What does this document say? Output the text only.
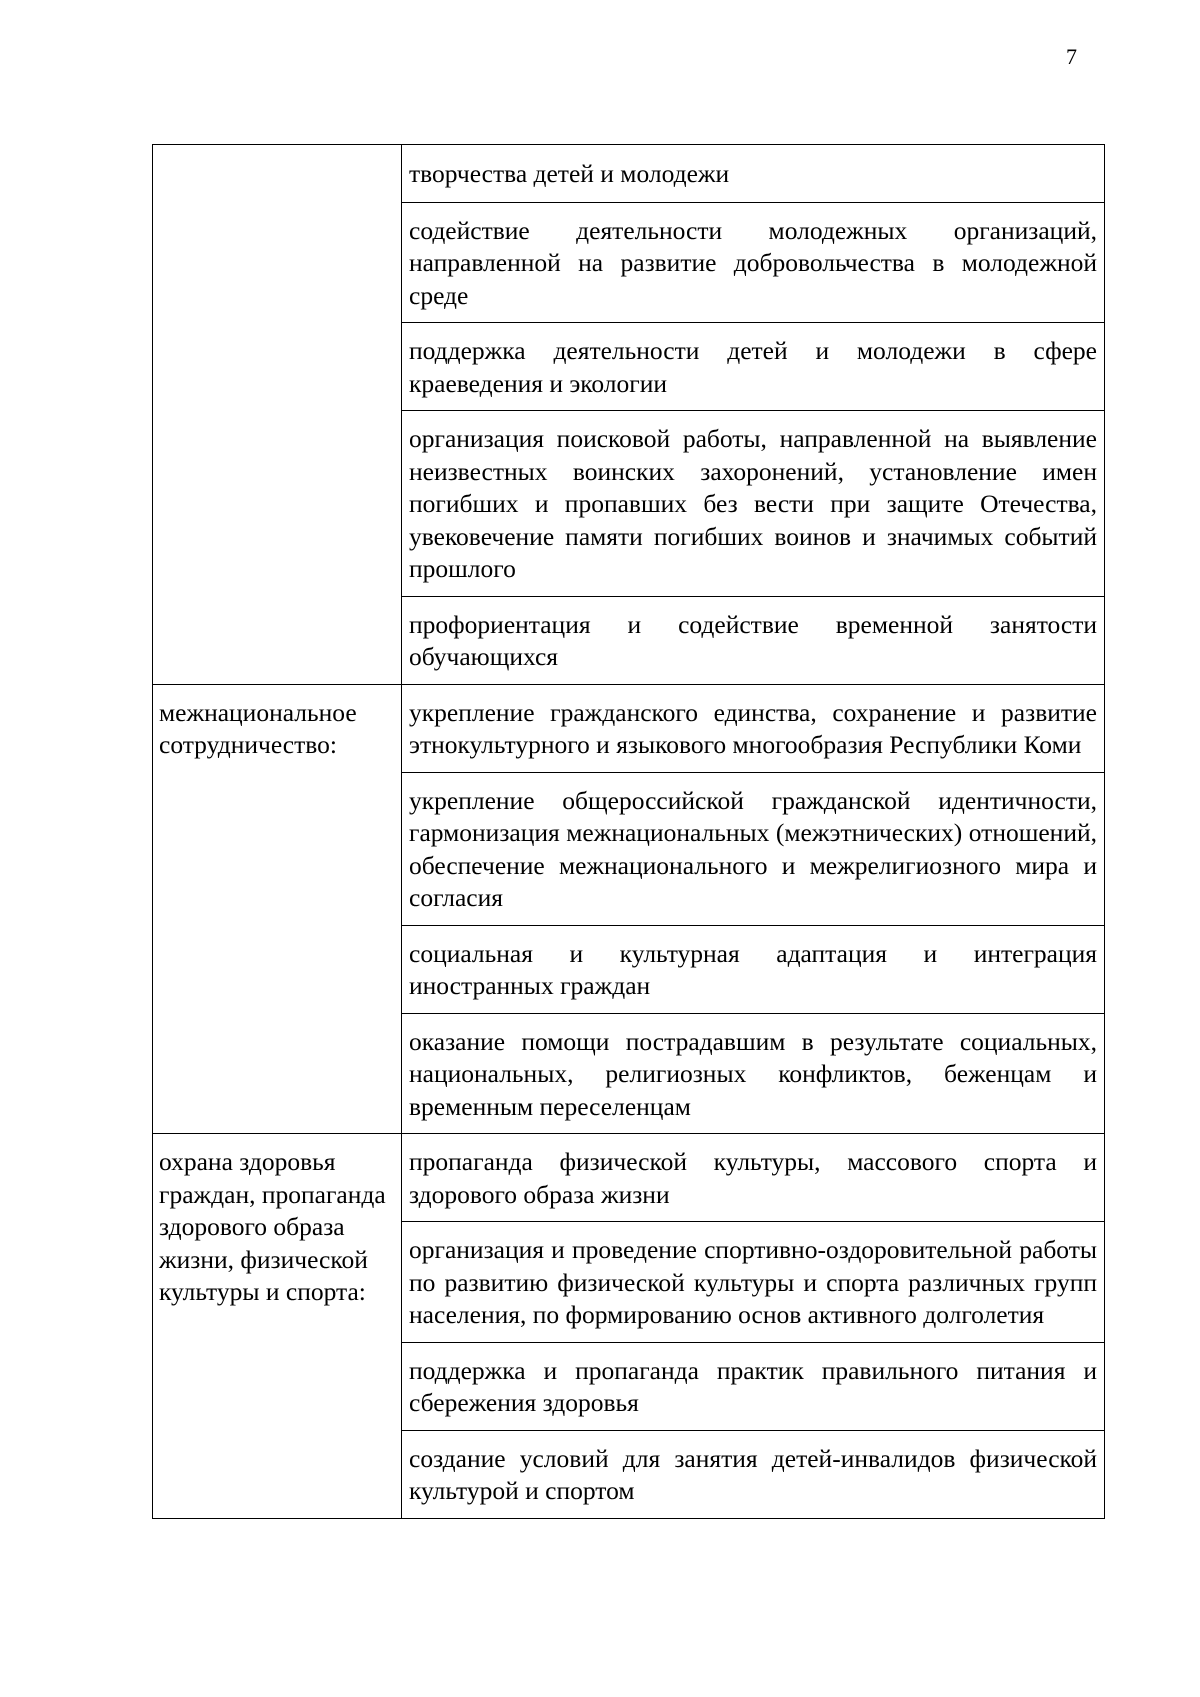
7
	творчества детей и молодежи
	содействие деятельности молодежных организаций, направленной на развитие добровольчества в молодежной среде
	поддержка деятельности детей и молодежи в сфере краеведения и экологии
	организация поисковой работы, направленной на выявление неизвестных воинских захоронений, установление имен погибших и пропавших без вести при защите Отечества, увековечение памяти погибших воинов и значимых событий прошлого
	профориентация и содействие временной занятости обучающихся
межнациональное сотрудничество:	укрепление гражданского единства, сохранение и развитие этнокультурного и языкового многообразия Республики Коми
	укрепление общероссийской гражданской идентичности, гармонизация межнациональных (межэтнических) отношений, обеспечение межнационального и межрелигиозного мира и согласия
	социальная и культурная адаптация и интеграция иностранных граждан
	оказание помощи пострадавшим в результате социальных, национальных, религиозных конфликтов, беженцам и временным переселенцам
охрана здоровья граждан, пропаганда здорового образа жизни, физической культуры и спорта:	пропаганда физической культуры, массового спорта и здорового образа жизни
	организация и проведение спортивно-оздоровительной работы по развитию физической культуры и спорта различных групп населения, по формированию основ активного долголетия
	поддержка и пропаганда практик правильного питания и сбережения здоровья
	создание условий для занятия детей-инвалидов физической культурой и спортом
